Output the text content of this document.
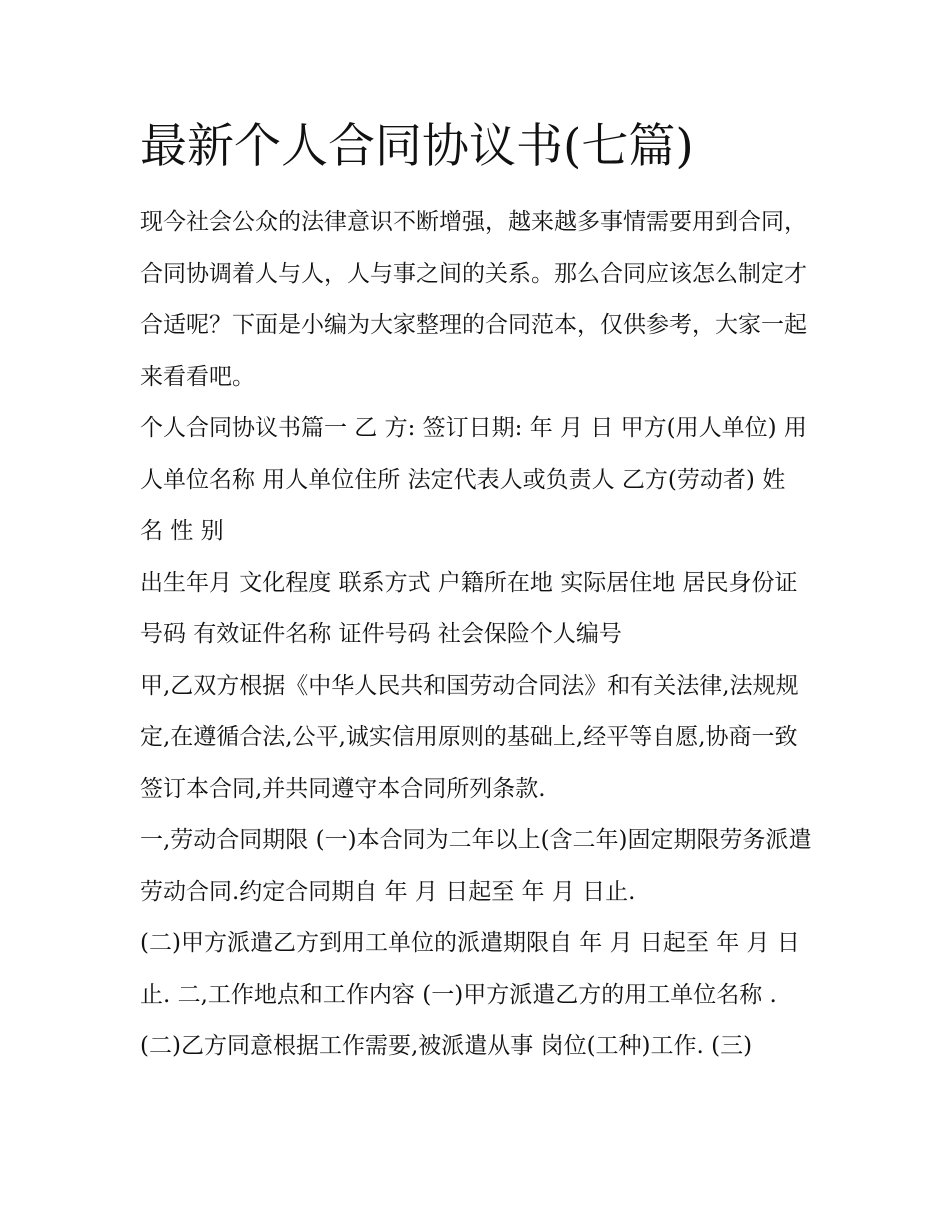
最新个人合同协议书(七篇)

现今社会公众的法律意识不断增强，越来越多事情需要用到合同，合同协调着人与人，人与事之间的关系。那么合同应该怎么制定才合适呢？下面是小编为大家整理的合同范本，仅供参考，大家一起来看看吧。

个人合同协议书篇一 乙 方: 签订日期: 年 月 日 甲方(用人单位) 用人单位名称 用人单位住所 法定代表人或负责人 乙方(劳动者) 姓 名 性 别

出生年月 文化程度 联系方式 户籍所在地 实际居住地 居民身份证号码 有效证件名称 证件号码 社会保险个人编号

甲,乙双方根据《中华人民共和国劳动合同法》和有关法律,法规规定,在遵循合法,公平,诚实信用原则的基础上,经平等自愿,协商一致签订本合同,并共同遵守本合同所列条款.

一,劳动合同期限 (一)本合同为二年以上(含二年)固定期限劳务派遣劳动合同.约定合同期自 年 月 日起至 年 月 日止.

(二)甲方派遣乙方到用工单位的派遣期限自 年 月 日起至 年 月 日止. 二,工作地点和工作内容 (一)甲方派遣乙方的用工单位名称 .

(二)乙方同意根据工作需要,被派遣从事 岗位(工种)工作. (三)
